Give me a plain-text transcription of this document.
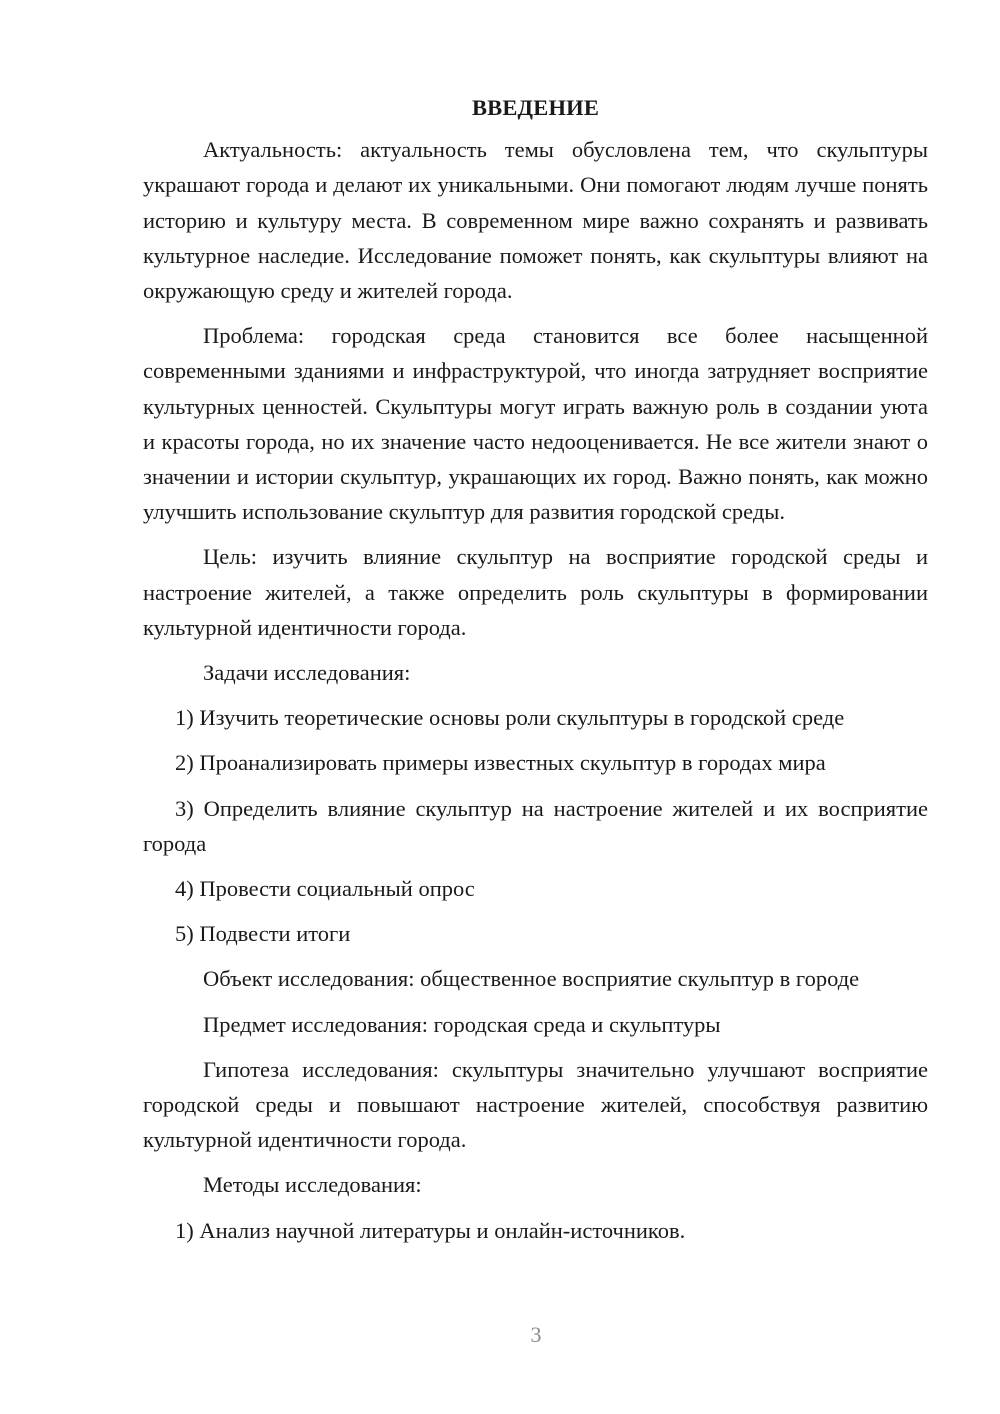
ВВЕДЕНИЕ

Актуальность: актуальность темы обусловлена тем, что скульптуры украшают города и делают их уникальными. Они помогают людям лучше понять историю и культуру места. В современном мире важно сохранять и развивать культурное наследие. Исследование поможет понять, как скульптуры влияют на окружающую среду и жителей города.

Проблема: городская среда становится все более насыщенной современными зданиями и инфраструктурой, что иногда затрудняет восприятие культурных ценностей. Скульптуры могут играть важную роль в создании уюта и красоты города, но их значение часто недооценивается. Не все жители знают о значении и истории скульптур, украшающих их город. Важно понять, как можно улучшить использование скульптур для развития городской среды.

Цель: изучить влияние скульптур на восприятие городской среды и настроение жителей, а также определить роль скульптуры в формировании культурной идентичности города.

Задачи исследования:

1) Изучить теоретические основы роли скульптуры в городской среде

2) Проанализировать примеры известных скульптур в городах мира

3) Определить влияние скульптур на настроение жителей и их восприятие города

4) Провести социальный опрос

5) Подвести итоги

Объект исследования: общественное восприятие скульптур в городе

Предмет исследования: городская среда и скульптуры

Гипотеза исследования: скульптуры значительно улучшают восприятие городской среды и повышают настроение жителей, способствуя развитию культурной идентичности города.

Методы исследования:

1) Анализ научной литературы и онлайн-источников.

3
